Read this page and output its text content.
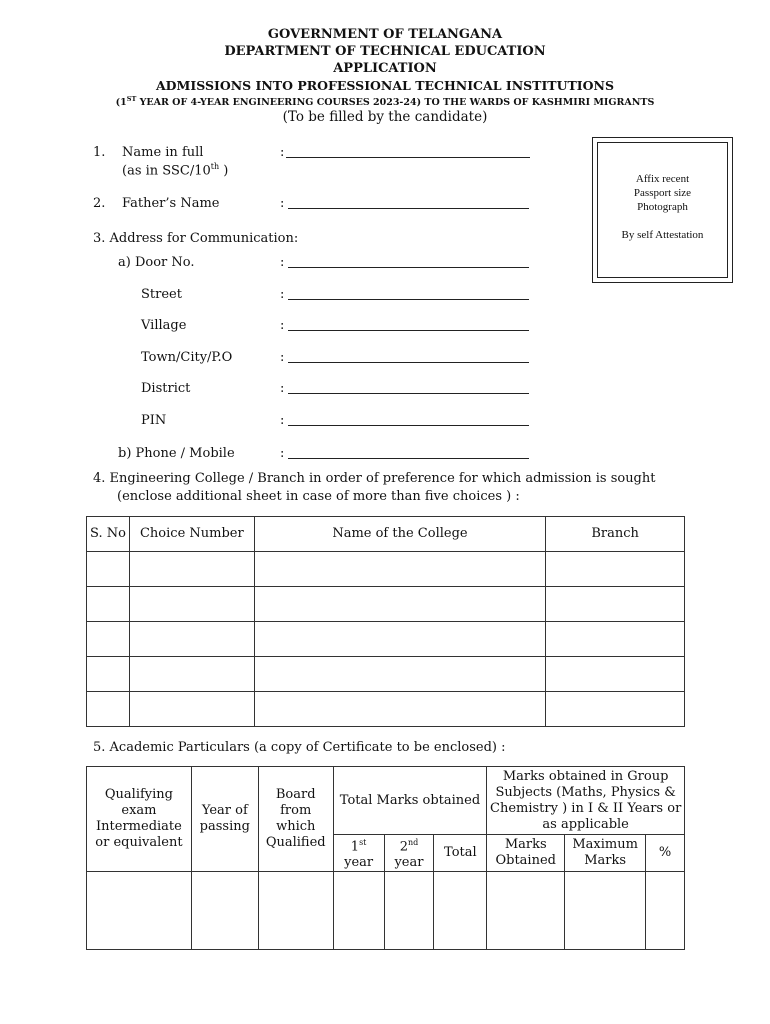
GOVERNMENT OF TELANGANA
DEPARTMENT OF TECHNICAL EDUCATION
APPLICATION
ADMISSIONS INTO PROFESSIONAL TECHNICAL INSTITUTIONS
(1ST YEAR OF 4-YEAR ENGINEERING COURSES 2023-24) TO THE WARDS OF KASHMIRI MIGRANTS
(To be filled by the candidate)
1. Name in full
(as in SSC/10th )
:
2. Father’s Name	:
3. Address for Communication:
a) Door No.	:
Street	:
Village	:
Town/City/P.O	:
District	:
PIN	:
b) Phone / Mobile	:
Affix recent
Passport size
Photograph
By self Attestation
4. Engineering College / Branch in order of preference for which admission is sought
(enclose additional sheet in case of more than five choices ) :
S. No	Choice Number	Name of the College	Branch

5. Academic Particulars (a copy of Certificate to be enclosed) :
Qualifying exam Intermediate or equivalent	Year of passing	Board from which Qualified	Total Marks obtained			Marks obtained in Group Subjects (Maths, Physics & Chemistry ) in I & II Years or as applicable		
			1st
year	2nd
year	Total	Marks Obtained	Maximum Marks	%
